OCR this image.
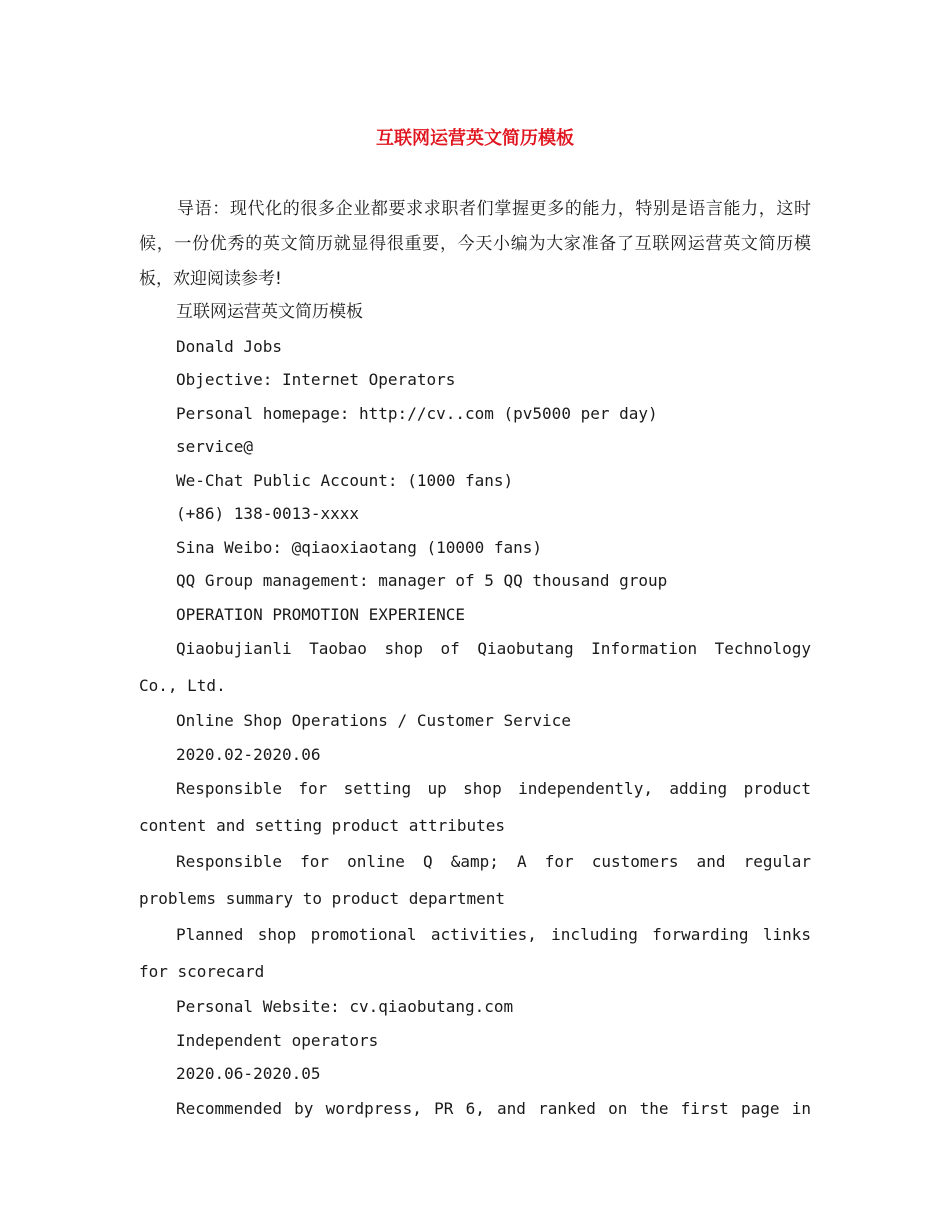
互联网运营英文简历模板

导语：现代化的很多企业都要求求职者们掌握更多的能力，特别是语言能力，这时候，一份优秀的英文简历就显得很重要，今天小编为大家准备了互联网运营英文简历模板，欢迎阅读参考!

互联网运营英文简历模板
Donald Jobs
Objective: Internet Operators
Personal homepage: http://cv..com (pv5000 per day)
service@
We-Chat Public Account: (1000 fans)
(+86) 138-0013-xxxx
Sina Weibo: @qiaoxiaotang (10000 fans)
QQ Group management: manager of 5 QQ thousand group
OPERATION PROMOTION EXPERIENCE
Qiaobujianli Taobao shop of Qiaobutang Information Technology Co., Ltd.
Online Shop Operations / Customer Service
2020.02-2020.06
Responsible for setting up shop independently, adding product content and setting product attributes
Responsible for online Q &amp; A for customers and regular problems summary to product department
Planned shop promotional activities, including forwarding links for scorecard
Personal Website: cv.qiaobutang.com
Independent operators
2020.06-2020.05
Recommended by wordpress, PR 6, and ranked on the first page in
